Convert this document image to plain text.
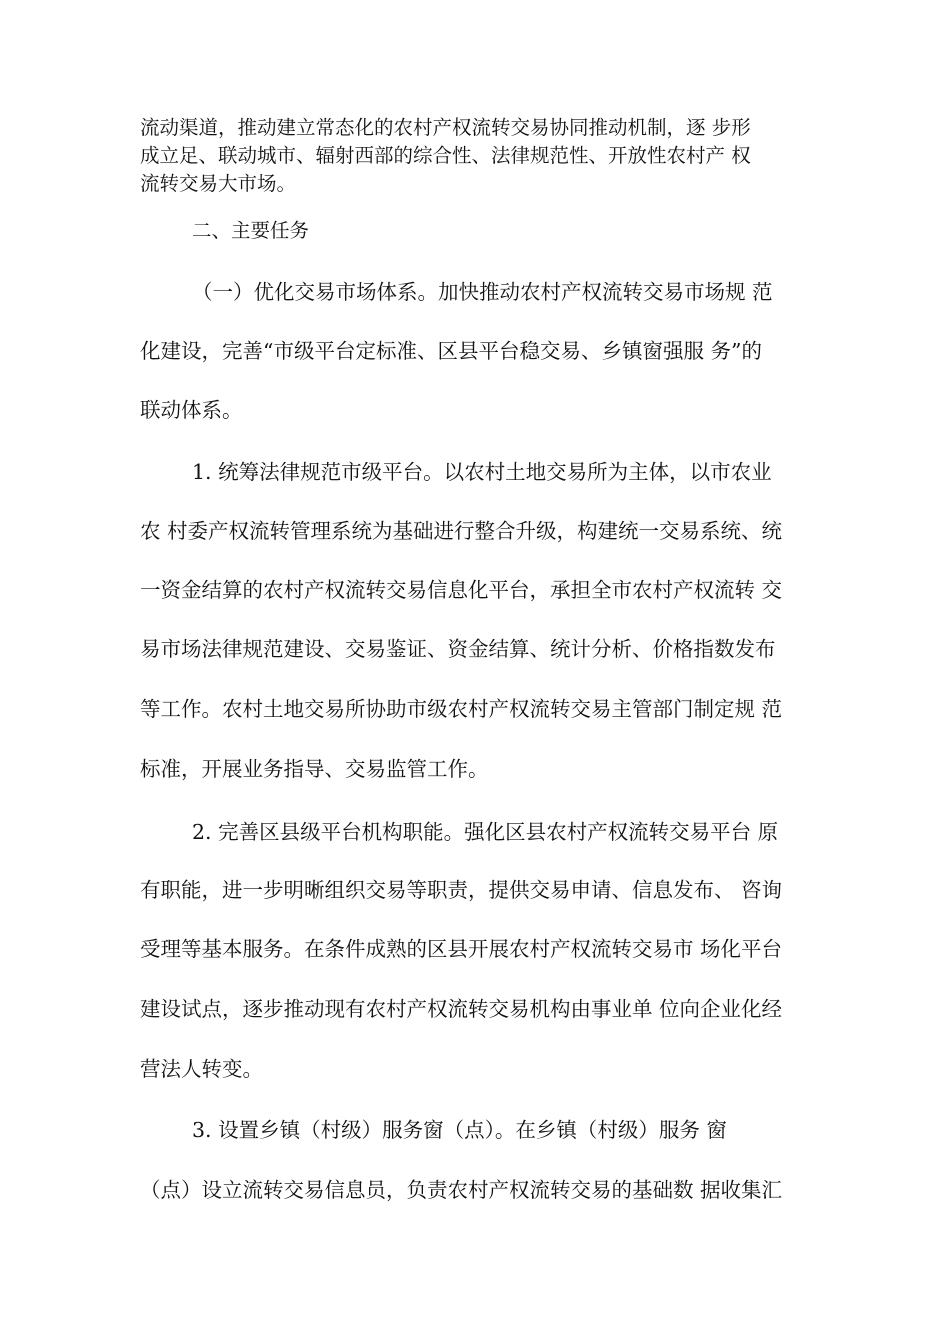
流动渠道，推动建立常态化的农村产权流转交易协同推动机制，逐 步形
成立足、联动城市、辐射西部的综合性、法律规范性、开放性农村产 权
流转交易大市场。
二、主要任务
（一）优化交易市场体系。加快推动农村产权流转交易市场规 范
化建设，完善“市级平台定标准、区县平台稳交易、乡镇窗强服 务”的
联动体系。
1. 统筹法律规范市级平台。以农村土地交易所为主体，以市农业
农 村委产权流转管理系统为基础进行整合升级，构建统一交易系统、统
一资金结算的农村产权流转交易信息化平台，承担全市农村产权流转 交
易市场法律规范建设、交易鉴证、资金结算、统计分析、价格指数发布
等工作。农村土地交易所协助市级农村产权流转交易主管部门制定规 范
标准，开展业务指导、交易监管工作。
2. 完善区县级平台机构职能。强化区县农村产权流转交易平台 原
有职能，进一步明晰组织交易等职责，提供交易申请、信息发布、 咨询
受理等基本服务。在条件成熟的区县开展农村产权流转交易市 场化平台
建设试点，逐步推动现有农村产权流转交易机构由事业单 位向企业化经
营法人转变。
3. 设置乡镇（村级）服务窗（点）。在乡镇（村级）服务 窗
（点）设立流转交易信息员，负责农村产权流转交易的基础数 据收集汇
